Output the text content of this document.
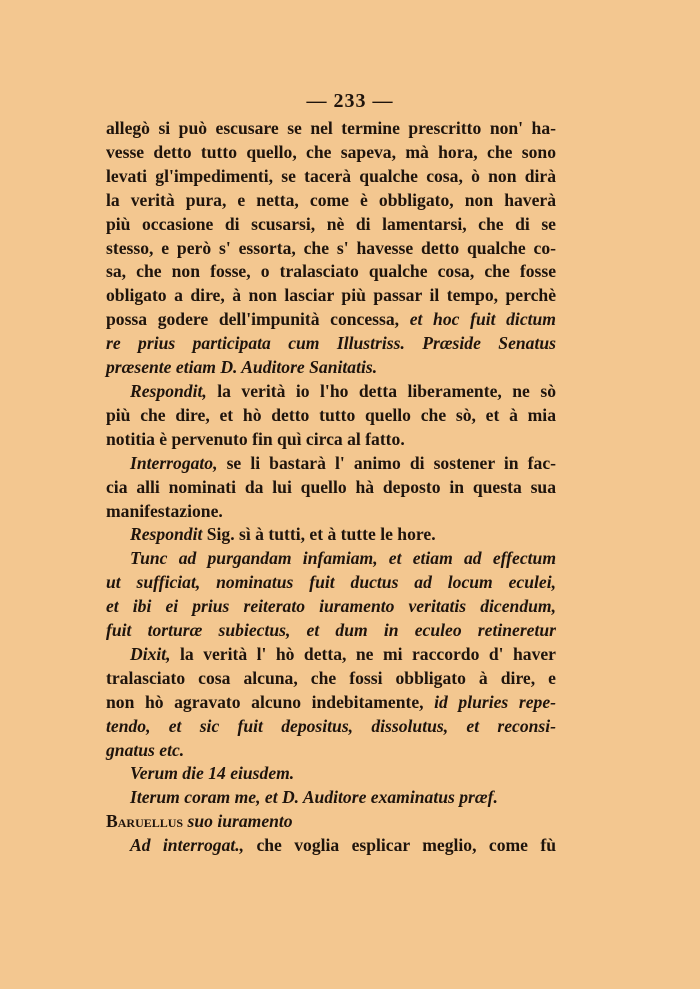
— 233 —
allegò si può escusare se nel termine prescritto non' ha-
vesse detto tutto quello, che sapeva, mà hora, che sono
levati gl'impedimenti, se tacerà qualche cosa, ò non dirà
la verità pura, e netta, come è obbligato, non haverà
più occasione di scusarsi, nè di lamentarsi, che di se
stesso, e però s' essorta, che s' havesse detto qualche co-
sa, che non fosse, o tralasciato qualche cosa, che fosse
obligato a dire, à non lasciar più passar il tempo, perchè
possa godere dell'impunità concessa, et hoc fuit dictum
re prius participata cum Illustriss. Præside Senatus
præsente etiam D. Auditore Sanitatis.
Respondit, la verità io l'ho detta liberamente, ne sò
più che dire, et hò detto tutto quello che sò, et à mia
notitia è pervenuto fin quì circa al fatto.
Interrogato, se li bastarà l' animo di sostener in fac-
cia alli nominati da lui quello hà deposto in questa sua
manifestazione.
Respondit Sig. sì à tutti, et à tutte le hore.
Tunc ad purgandam infamiam, et etiam ad effectum
ut sufficiat, nominatus fuit ductus ad locum eculei,
et ibi ei prius reiterato iuramento veritatis dicendum,
fuit torturæ subiectus, et dum in eculeo retineretur
Dixit, la verità l' hò detta, ne mi raccordo d' haver
tralasciato cosa alcuna, che fossi obbligato à dire, e
non hò agravato alcuno indebitamente, id pluries repe-
tendo, et sic fuit depositus, dissolutus, et reconsi-
gnatus etc.
Verum die 14 eiusdem.
Iterum coram me, et D. Auditore examinatus præf.
Baruellus suo iuramento
Ad interrogat., che voglia esplicar meglio, come fù
